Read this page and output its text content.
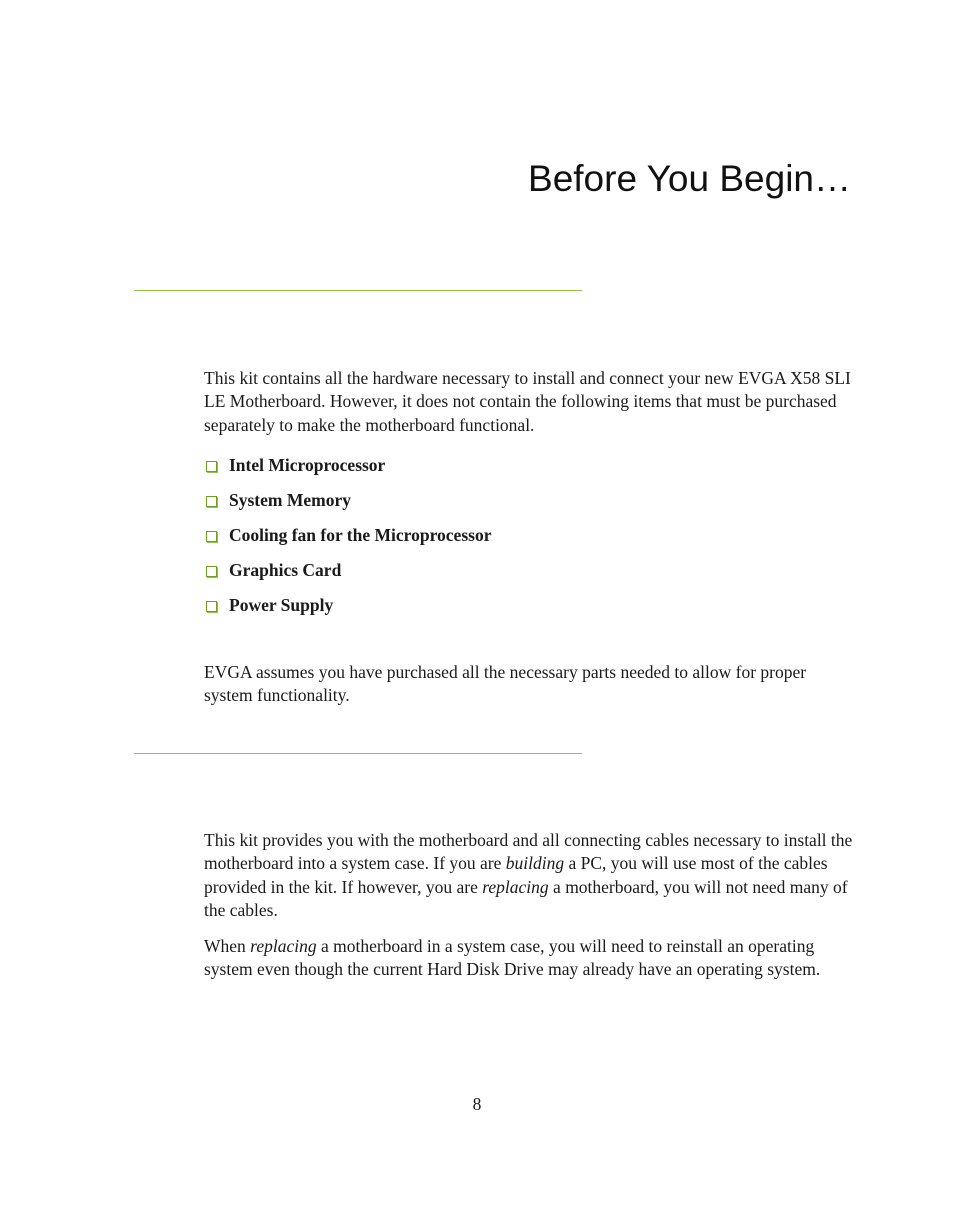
Before You Begin…

This kit contains all the hardware necessary to install and connect your new EVGA X58 SLI LE Motherboard. However, it does not contain the following items that must be purchased separately to make the motherboard functional.

Intel Microprocessor
System Memory
Cooling fan for the Microprocessor
Graphics Card
Power Supply

EVGA assumes you have purchased all the necessary parts needed to allow for proper system functionality.

This kit provides you with the motherboard and all connecting cables necessary to install the motherboard into a system case. If you are building a PC, you will use most of the cables provided in the kit. If however, you are replacing a motherboard, you will not need many of the cables.

When replacing a motherboard in a system case, you will need to reinstall an operating system even though the current Hard Disk Drive may already have an operating system.

8
